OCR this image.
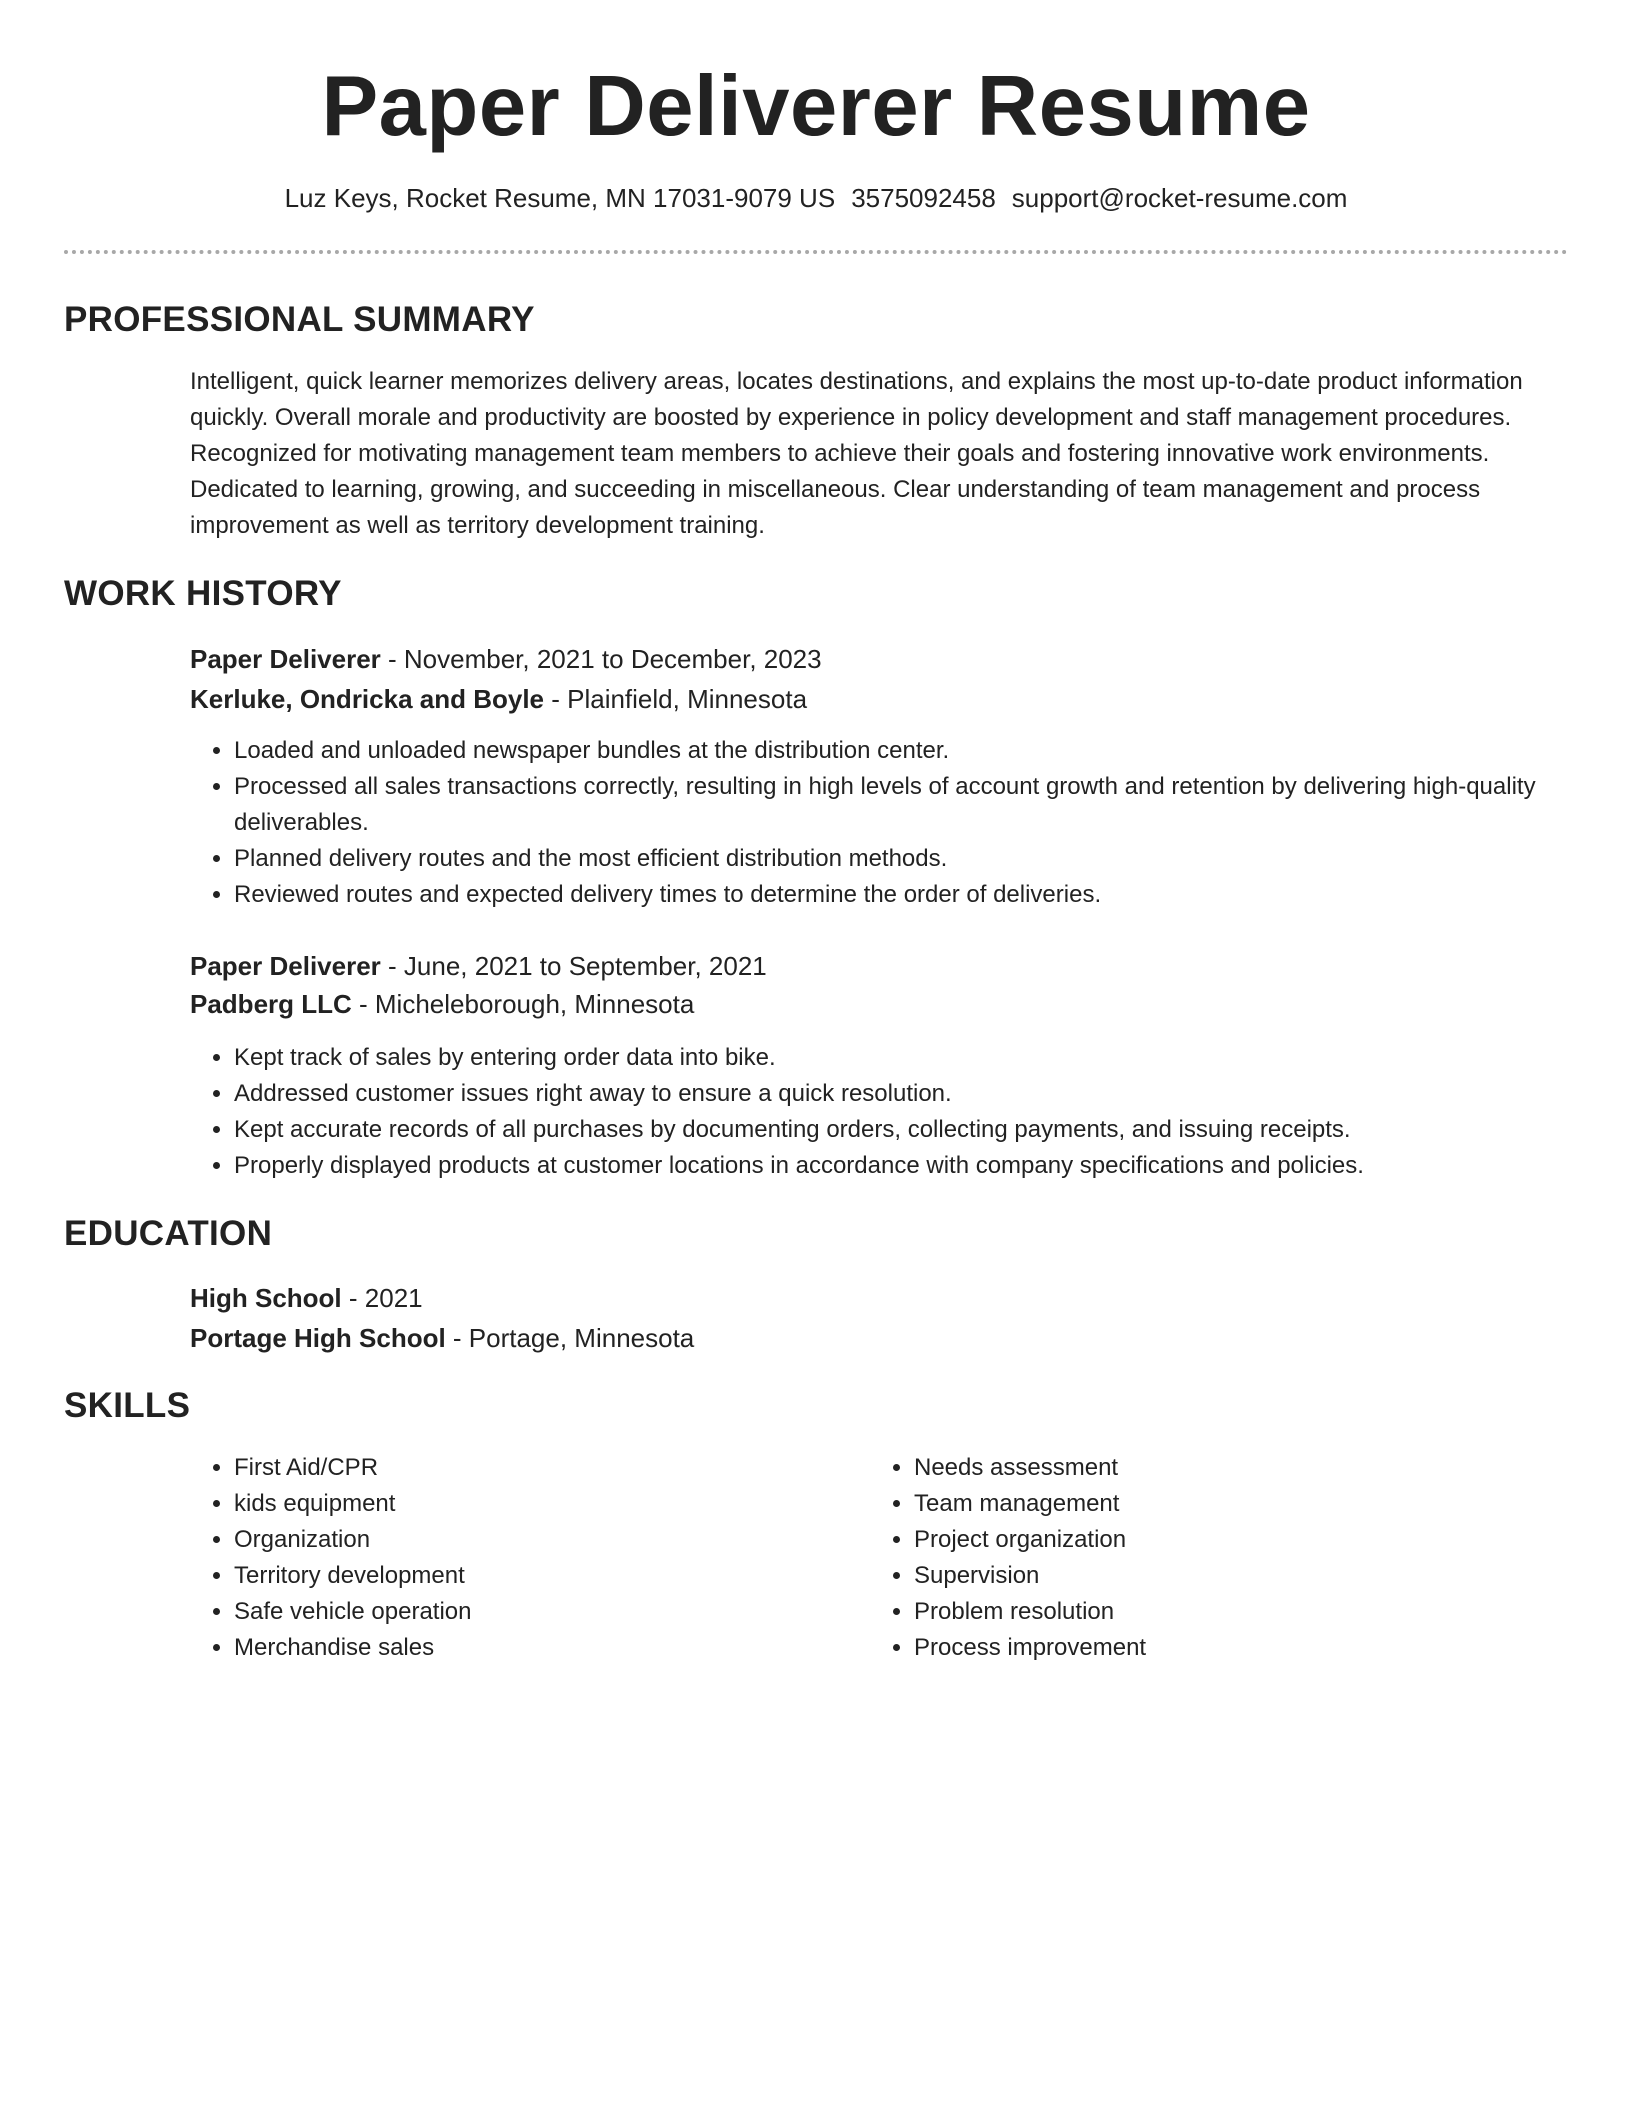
Paper Deliverer Resume
Luz Keys, Rocket Resume, MN 17031-9079 US 3575092458 support@rocket-resume.com
PROFESSIONAL SUMMARY
Intelligent, quick learner memorizes delivery areas, locates destinations, and explains the most up-to-date product information quickly. Overall morale and productivity are boosted by experience in policy development and staff management procedures. Recognized for motivating management team members to achieve their goals and fostering innovative work environments. Dedicated to learning, growing, and succeeding in miscellaneous. Clear understanding of team management and process improvement as well as territory development training.
WORK HISTORY
Paper Deliverer - November, 2021 to December, 2023
Kerluke, Ondricka and Boyle - Plainfield, Minnesota
• Loaded and unloaded newspaper bundles at the distribution center.
• Processed all sales transactions correctly, resulting in high levels of account growth and retention by delivering high-quality deliverables.
• Planned delivery routes and the most efficient distribution methods.
• Reviewed routes and expected delivery times to determine the order of deliveries.
Paper Deliverer - June, 2021 to September, 2021
Padberg LLC - Micheleborough, Minnesota
• Kept track of sales by entering order data into bike.
• Addressed customer issues right away to ensure a quick resolution.
• Kept accurate records of all purchases by documenting orders, collecting payments, and issuing receipts.
• Properly displayed products at customer locations in accordance with company specifications and policies.
EDUCATION
High School - 2021
Portage High School - Portage, Minnesota
SKILLS
• First Aid/CPR
• kids equipment
• Organization
• Territory development
• Safe vehicle operation
• Merchandise sales
• Needs assessment
• Team management
• Project organization
• Supervision
• Problem resolution
• Process improvement
